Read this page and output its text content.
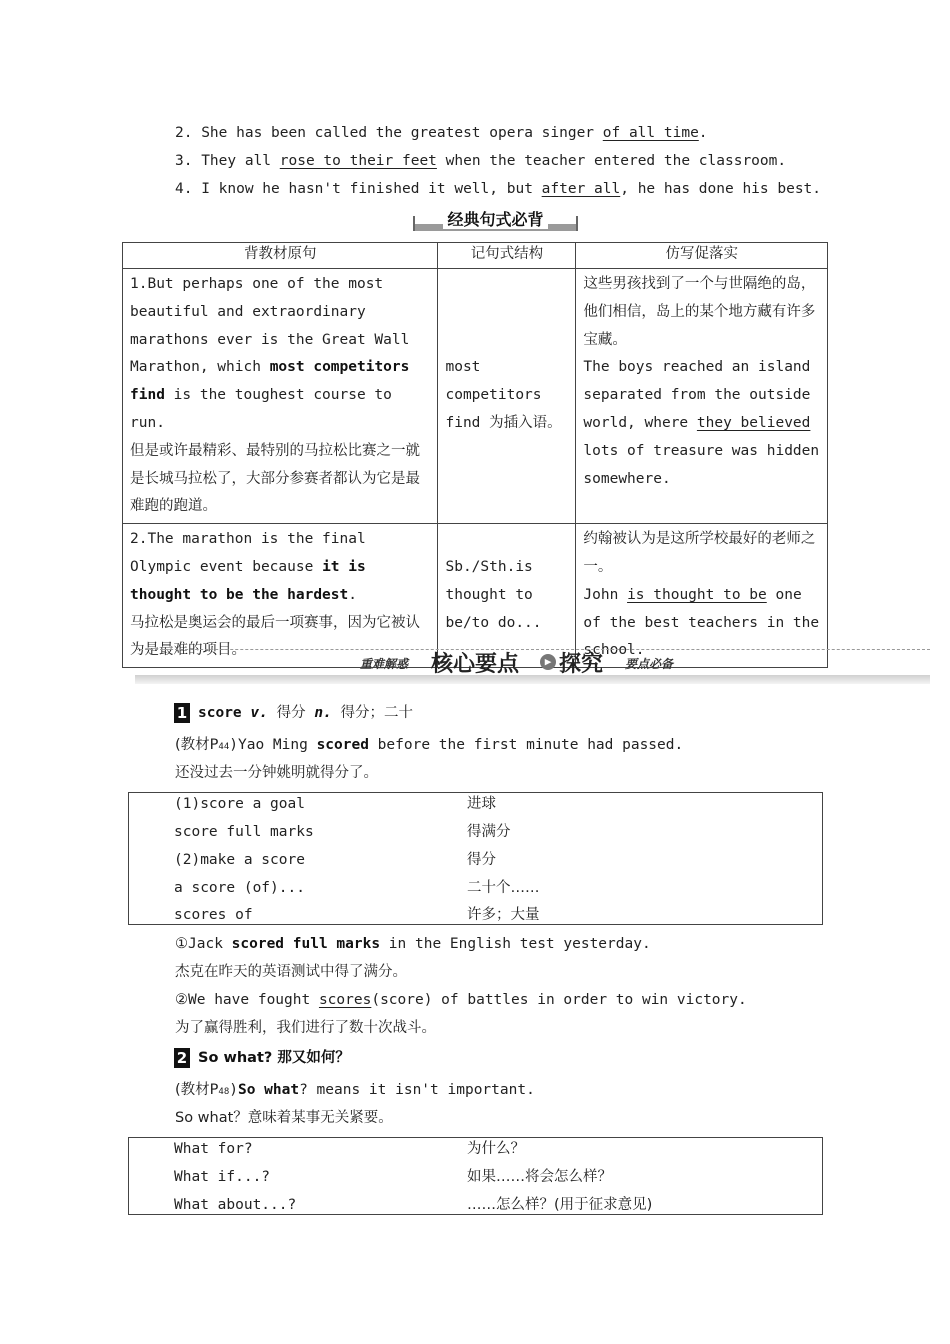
2. She has been called the greatest opera singer of all time.
3. They all rose to their feet when the teacher entered the classroom.
4. I know he hasn't finished it well, but after all, he has done his best.
经典句式必背
背教材原句	记句式结构	仿写促落实
1.But perhaps one of the most beautiful and extraordinary marathons ever is the Great Wall Marathon, which most competitors find is the toughest course to run.
但是或许最精彩、最特别的马拉松比赛之一就是长城马拉松了，大部分参赛者都认为它是最难跑的跑道。	most competitors find 为插入语。	这些男孩找到了一个与世隔绝的岛，他们相信，岛上的某个地方藏有许多宝藏。
The boys reached an island separated from the outside world, where they believed lots of treasure was hidden somewhere.
2.The marathon is the final Olympic event because it is thought to be the hardest.
马拉松是奥运会的最后一项赛事，因为它被认为是最难的项目。	Sb./Sth.is thought to be/to do...	约翰被认为是这所学校最好的老师之一。
John is thought to be one of the best teachers in the school.
重难解惑 核心要点	▶ 探究 要点必备
1 score v. 得分 n. 得分；二十
(教材P44)Yao Ming scored before the first minute had passed.
还没过去一分钟姚明就得分了。
(1)score a goal	进球
score full marks	得满分
(2)make a score	得分
a score (of)...	二十个……
scores of	许多；大量
①Jack scored full marks in the English test yesterday.
杰克在昨天的英语测试中得了满分。
②We have fought scores(score) of battles in order to win victory.
为了赢得胜利，我们进行了数十次战斗。
2 So what? 那又如何？
(教材P48)So what? means it isn't important.
So what？意味着某事无关紧要。
What for?	为什么？
What if...?	如果……将会怎么样？
What about...?	……怎么样？(用于征求意见)
